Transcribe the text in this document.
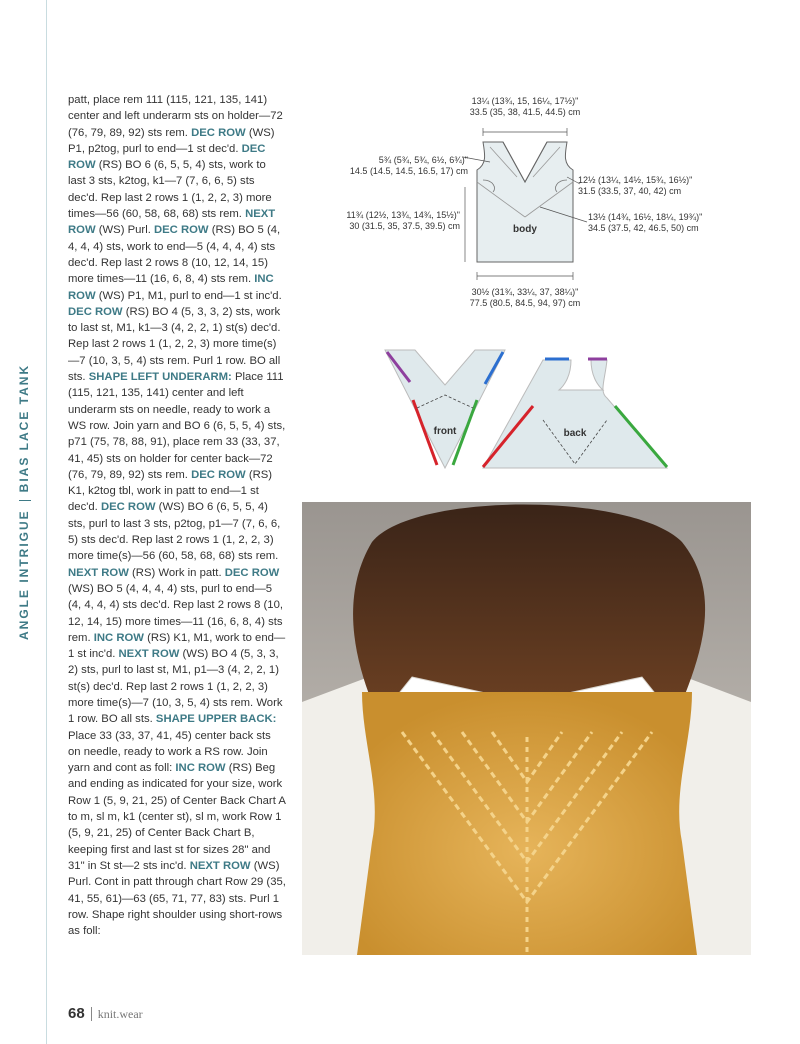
ANGLE INTRIGUEBIAS LACE TANK

patt, place rem 111 (115, 121, 135, 141) center and left underarm sts on holder—72 (76, 79, 89, 92) sts rem. DEC ROW (WS) P1, p2tog, purl to end—1 st dec'd. DEC ROW (RS) BO 6 (6, 5, 5, 4) sts, work to last 3 sts, k2tog, k1—7 (7, 6, 6, 5) sts dec'd. Rep last 2 rows 1 (1, 2, 2, 3) more times—56 (60, 58, 68, 68) sts rem. NEXT ROW (WS) Purl. DEC ROW (RS) BO 5 (4, 4, 4, 4) sts, work to end—5 (4, 4, 4, 4) sts dec'd. Rep last 2 rows 8 (10, 12, 14, 15) more times—11 (16, 6, 8, 4) sts rem. INC ROW (WS) P1, M1, purl to end—1 st inc'd. DEC ROW (RS) BO 4 (5, 3, 3, 2) sts, work to last st, M1, k1—3 (4, 2, 2, 1) st(s) dec'd. Rep last 2 rows 1 (1, 2, 2, 3) more time(s)—7 (10, 3, 5, 4) sts rem. Purl 1 row. BO all sts. SHAPE LEFT UNDERARM: Place 111 (115, 121, 135, 141) center and left underarm sts on needle, ready to work a WS row. Join yarn and BO 6 (6, 5, 5, 4) sts, p71 (75, 78, 88, 91), place rem 33 (33, 37, 41, 45) sts on holder for center back—72 (76, 79, 89, 92) sts rem. DEC ROW (RS) K1, k2tog tbl, work in patt to end—1 st dec'd. DEC ROW (WS) BO 6 (6, 5, 5, 4) sts, purl to last 3 sts, p2tog, p1—7 (7, 6, 6, 5) sts dec'd. Rep last 2 rows 1 (1, 2, 2, 3) more time(s)—56 (60, 58, 68, 68) sts rem. NEXT ROW (RS) Work in patt. DEC ROW (WS) BO 5 (4, 4, 4, 4) sts, purl to end—5 (4, 4, 4, 4) sts dec'd. Rep last 2 rows 8 (10, 12, 14, 15) more times—11 (16, 6, 8, 4) sts rem. INC ROW (RS) K1, M1, work to end—1 st inc'd. NEXT ROW (WS) BO 4 (5, 3, 3, 2) sts, purl to last st, M1, p1—3 (4, 2, 2, 1) st(s) dec'd. Rep last 2 rows 1 (1, 2, 2, 3) more time(s)—7 (10, 3, 5, 4) sts rem. Work 1 row. BO all sts. SHAPE UPPER BACK: Place 33 (33, 37, 41, 45) center back sts on needle, ready to work a RS row. Join yarn and cont as foll: INC ROW (RS) Beg and ending as indicated for your size, work Row 1 (5, 9, 21, 25) of Center Back Chart A to m, sl m, k1 (center st), sl m, work Row 1 (5, 9, 21, 25) of Center Back Chart B, keeping first and last st for sizes 28" and 31" in St st—2 sts inc'd. NEXT ROW (WS) Purl. Cont in patt through chart Row 29 (35, 41, 55, 61)—63 (65, 71, 77, 83) sts. Purl 1 row. Shape right shoulder using short-rows as foll:

body
13¼ (13¾, 15, 16¼, 17½)"
33.5 (35, 38, 41.5, 44.5) cm
5¾ (5¾, 5¾, 6½, 6¾)"
14.5 (14.5, 14.5, 16.5, 17) cm
12½ (13¼, 14½, 15¾, 16½)"
31.5 (33.5, 37, 40, 42) cm
11¾ (12½, 13¾, 14¾, 15½)"
30 (31.5, 35, 37.5, 39.5) cm
13½ (14¾, 16½, 18¼, 19¾)"
34.5 (37.5, 42, 46.5, 50) cm
30½ (31¾, 33¼, 37, 38¼)"
77.5 (80.5, 84.5, 94, 97) cm
front	back
68 knit.wear
